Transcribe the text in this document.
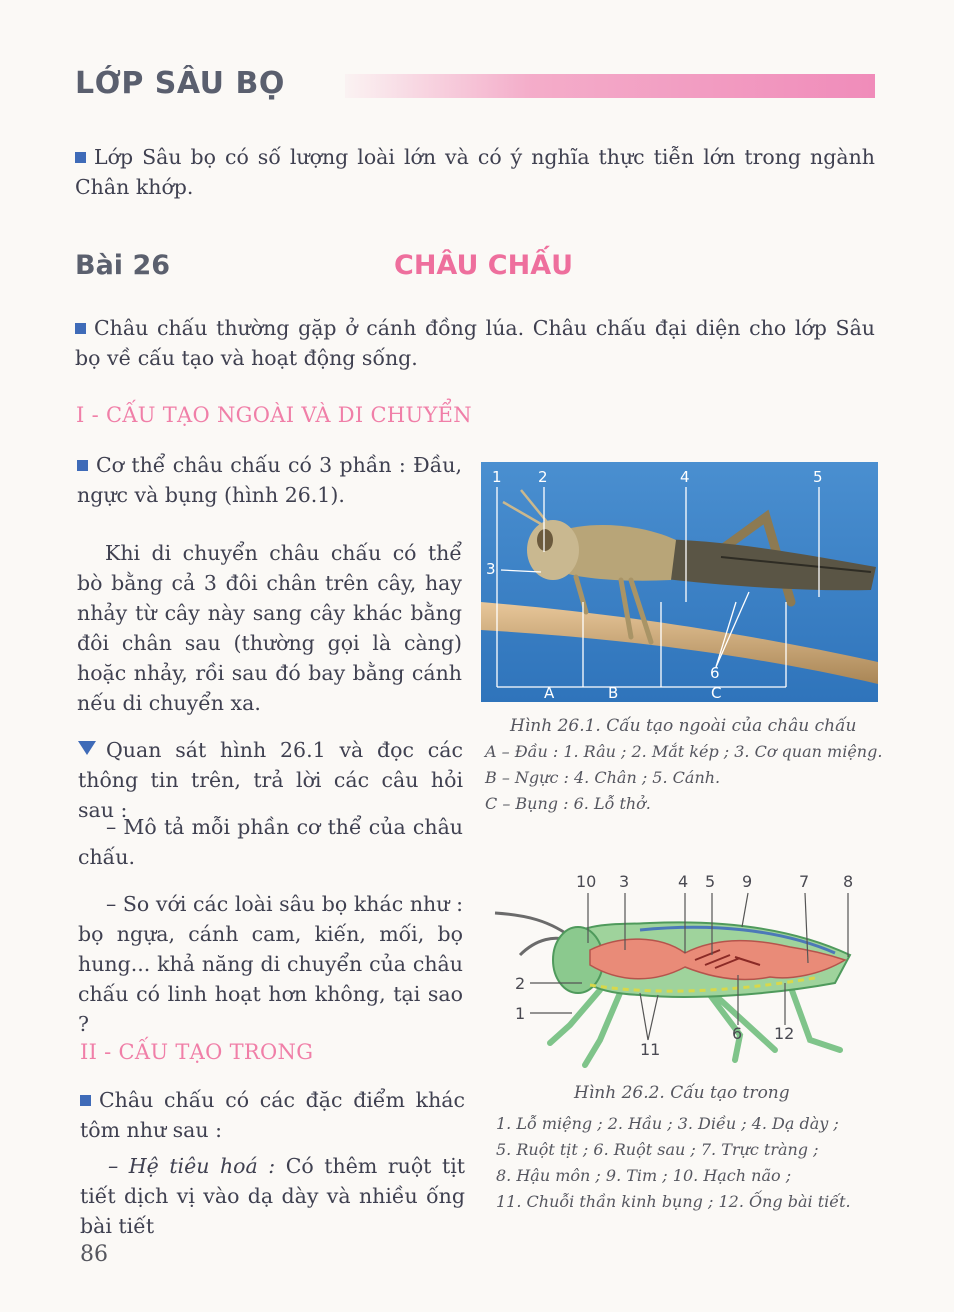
LỚP SÂU BỌ
Lớp Sâu bọ có số lượng loài lớn và có ý nghĩa thực tiễn lớn trong ngành Chân khớp.
Bài 26	CHÂU CHẤU
Châu chấu thường gặp ở cánh đồng lúa. Châu chấu đại diện cho lớp Sâu bọ về cấu tạo và hoạt động sống.
I - CẤU TẠO NGOÀI VÀ DI CHUYỂN
Cơ thể châu chấu có 3 phần : Đầu, ngực và bụng (hình 26.1).
Khi di chuyển châu chấu có thể bò bằng cả 3 đôi chân trên cây, hay nhảy từ cây này sang cây khác bằng đôi chân sau (thường gọi là càng) hoặc nhảy, rồi sau đó bay bằng cánh nếu di chuyển xa.
Quan sát hình 26.1 và đọc các thông tin trên, trả lời các câu hỏi sau :
– Mô tả mỗi phần cơ thể của châu chấu.
– So với các loài sâu bọ khác như : bọ ngựa, cánh cam, kiến, mối, bọ hung... khả năng di chuyển của châu chấu có linh hoạt hơn không, tại sao ?
II - CẤU TẠO TRONG
Châu chấu có các đặc điểm khác tôm như sau :
– Hệ tiêu hoá : Có thêm ruột tịt tiết dịch vị vào dạ dày và nhiều ống bài tiết
1 2	4	5
3
6
A	B	C
Hình 26.1. Cấu tạo ngoài của châu chấu
A – Đầu : 1. Râu ; 2. Mắt kép ; 3. Cơ quan miệng.
B – Ngực : 4. Chân ; 5. Cánh.
C – Bụng : 6. Lỗ thở.
10 3	4 5 9	7 8
2
1
11
6 12
Hình 26.2. Cấu tạo trong
1. Lỗ miệng ; 2. Hầu ; 3. Diều ; 4. Dạ dày ;
5. Ruột tịt ; 6. Ruột sau ; 7. Trực tràng ;
8. Hậu môn ; 9. Tim ; 10. Hạch não ;
11. Chuỗi thần kinh bụng ; 12. Ống bài tiết.
86
